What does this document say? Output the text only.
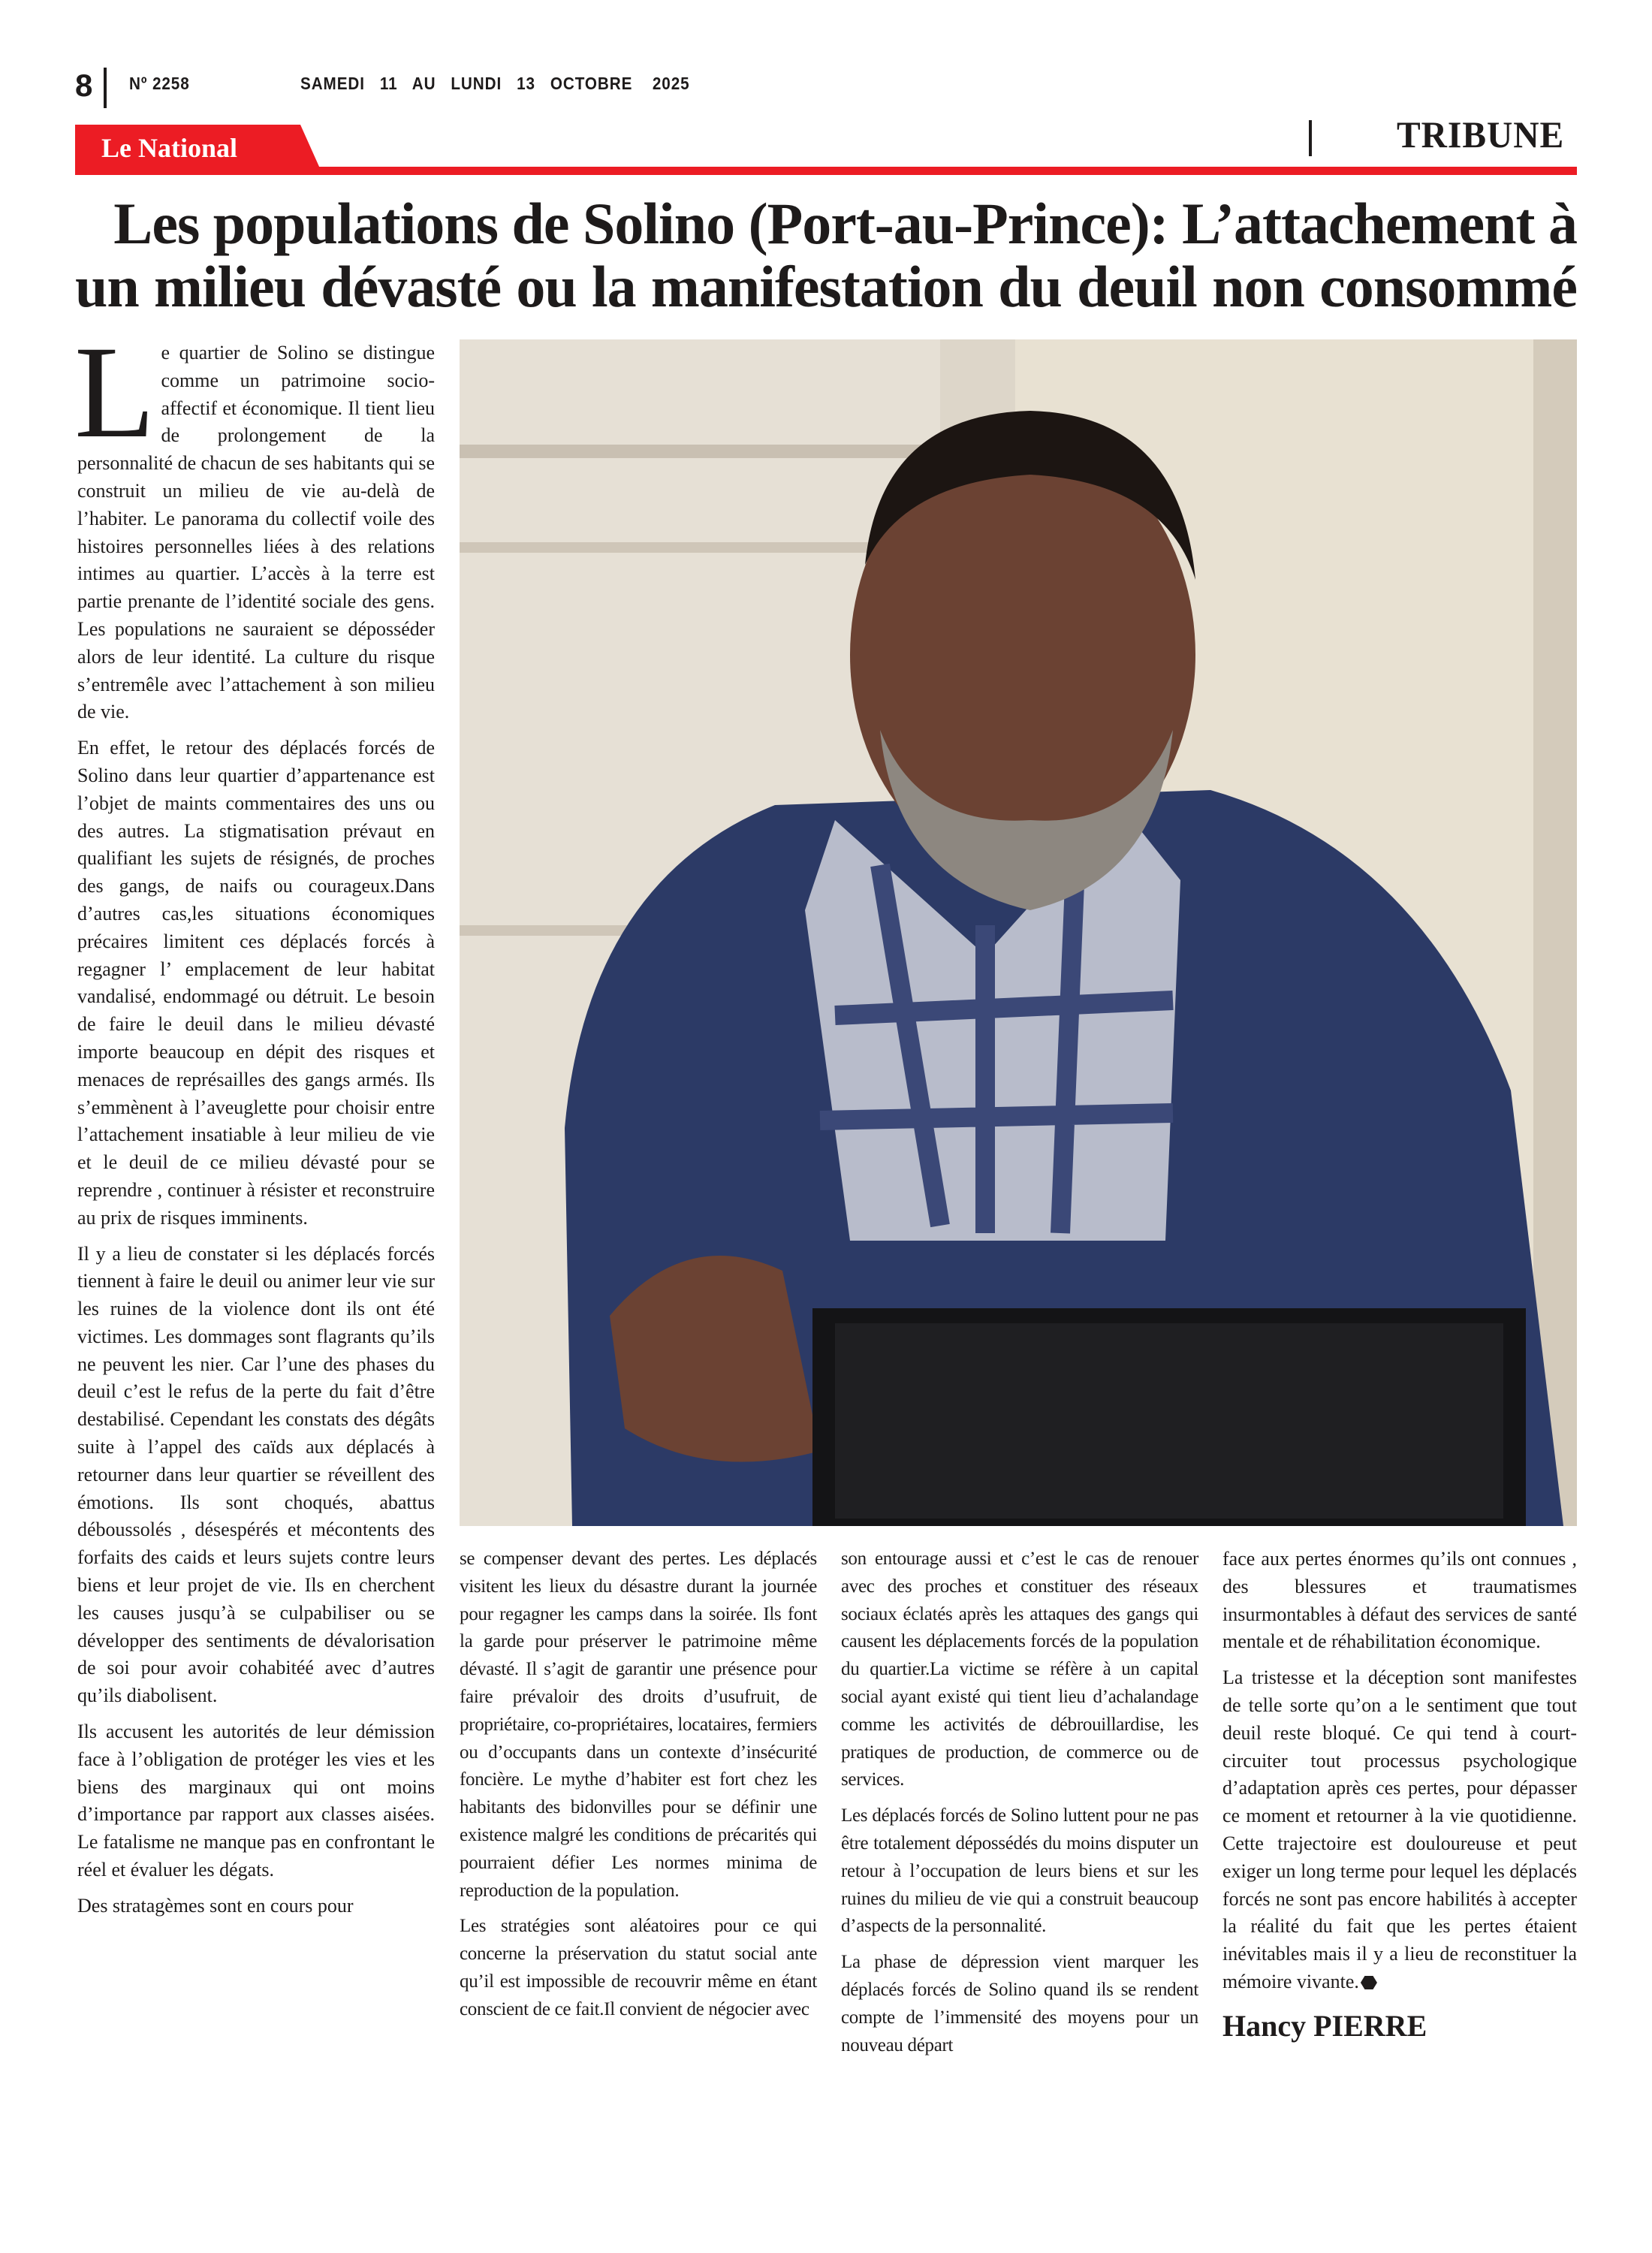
8 Nº 2258	SAMEDI   11   AU   LUNDI   13   OCTOBRE    2025
Le National	TRIBUNE
Les populations de Solino (Port-au-Prince): L’attachement à
un milieu dévasté ou la manifestation du deuil non consommé

Le quartier de Solino se distingue comme un patrimoine socio-affectif et économique. Il tient lieu de prolongement de la personnalité de chacun de ses habitants qui se construit un milieu de vie au-delà de l’habiter. Le panorama du collectif voile des histoires personnelles liées à des relations intimes au quartier. L’accès à la terre est partie prenante de l’identité sociale des gens. Les populations ne sauraient se déposséder alors de leur identité. La culture du risque s’entremêle avec l’attachement à son milieu de vie.

En effet, le retour des déplacés forcés de Solino dans leur quartier d’appartenance est l’objet de maints commentaires des uns ou des autres. La stigmatisation prévaut en qualifiant les sujets de résignés, de proches des gangs, de naifs ou courageux.Dans d’autres cas,les situations économiques précaires limitent ces déplacés forcés à regagner l’ emplacement de leur habitat vandalisé, endommagé ou détruit. Le besoin de faire le deuil dans le milieu dévasté importe beaucoup en dépit des risques et menaces de représailles des gangs armés. Ils s’emmènent à l’aveuglette pour choisir entre l’attachement insatiable à leur milieu de vie et le deuil de ce milieu dévasté pour se reprendre , continuer à résister et reconstruire au prix de risques imminents.

Il y a lieu de constater si les déplacés forcés tiennent à faire le deuil ou animer leur vie sur les ruines de la violence dont ils ont été victimes. Les dommages sont flagrants qu’ils ne peuvent les nier. Car l’une des phases du deuil c’est le refus de la perte du fait d’être destabilisé. Cependant les constats des dégâts suite à l’appel des caïds aux déplacés à retourner dans leur quartier se réveillent des émotions. Ils sont choqués, abattus déboussolés , désespérés et mécontents des forfaits des caids et leurs sujets contre leurs biens et leur projet de vie. Ils en cherchent les causes jusqu’à se culpabiliser ou se développer des sentiments de dévalorisation de soi pour avoir cohabitéé avec d’autres qu’ils diabolisent.

Ils accusent les autorités de leur démission face à l’obligation de protéger les vies et les biens des marginaux qui ont moins d’importance par rapport aux classes aisées. Le fatalisme ne manque pas en confrontant le réel et évaluer les dégats.

Des stratagèmes sont en cours pour

se compenser devant des pertes. Les déplacés visitent les lieux du désastre durant la journée pour regagner les camps dans la soirée. Ils font la garde pour préserver le patrimoine même dévasté. Il s’agit de garantir une présence pour faire prévaloir des droits d’usufruit, de propriétaire, co-propriétaires, locataires, fermiers ou d’occupants dans un contexte d’insécurité foncière. Le mythe d’habiter est fort chez les habitants des bidonvilles pour se définir une existence malgré les conditions de précarités qui pourraient défier Les normes minima de reproduction de la population.

Les stratégies sont aléatoires pour ce qui concerne la préservation du statut social ante qu’il est impossible de recouvrir même en étant conscient de ce fait.Il convient de négocier avec

son entourage aussi et c’est le cas de renouer avec des proches et constituer des réseaux sociaux éclatés après les attaques des gangs qui causent les déplacements forcés de la population du quartier.La victime se réfère à un capital social ayant existé qui tient lieu d’achalandage comme les activités de débrouillardise, les pratiques de production, de commerce ou de services.

Les déplacés forcés de Solino luttent pour ne pas être totalement dépossédés du moins disputer un retour à l’occupation de leurs biens et sur les ruines du milieu de vie qui a construit beaucoup d’aspects de la personnalité.

La phase de dépression vient marquer les déplacés forcés de Solino quand ils se rendent compte de l’immensité des moyens pour un nouveau départ

face aux pertes énormes qu’ils ont connues , des blessures et traumatismes insurmontables à défaut des services de santé mentale et de réhabilitation économique.

La tristesse et la déception sont manifestes de telle sorte qu’on a le sentiment que tout deuil reste bloqué. Ce qui tend à court-circuiter tout processus psychologique d’adaptation après ces pertes, pour dépasser ce moment et retourner à la vie quotidienne. Cette trajectoire est douloureuse et peut exiger un long terme pour lequel les déplacés forcés ne sont pas encore habilités à accepter la réalité du fait que les pertes étaient inévitables mais il y a lieu de reconstituer la mémoire vivante.

Hancy PIERRE
